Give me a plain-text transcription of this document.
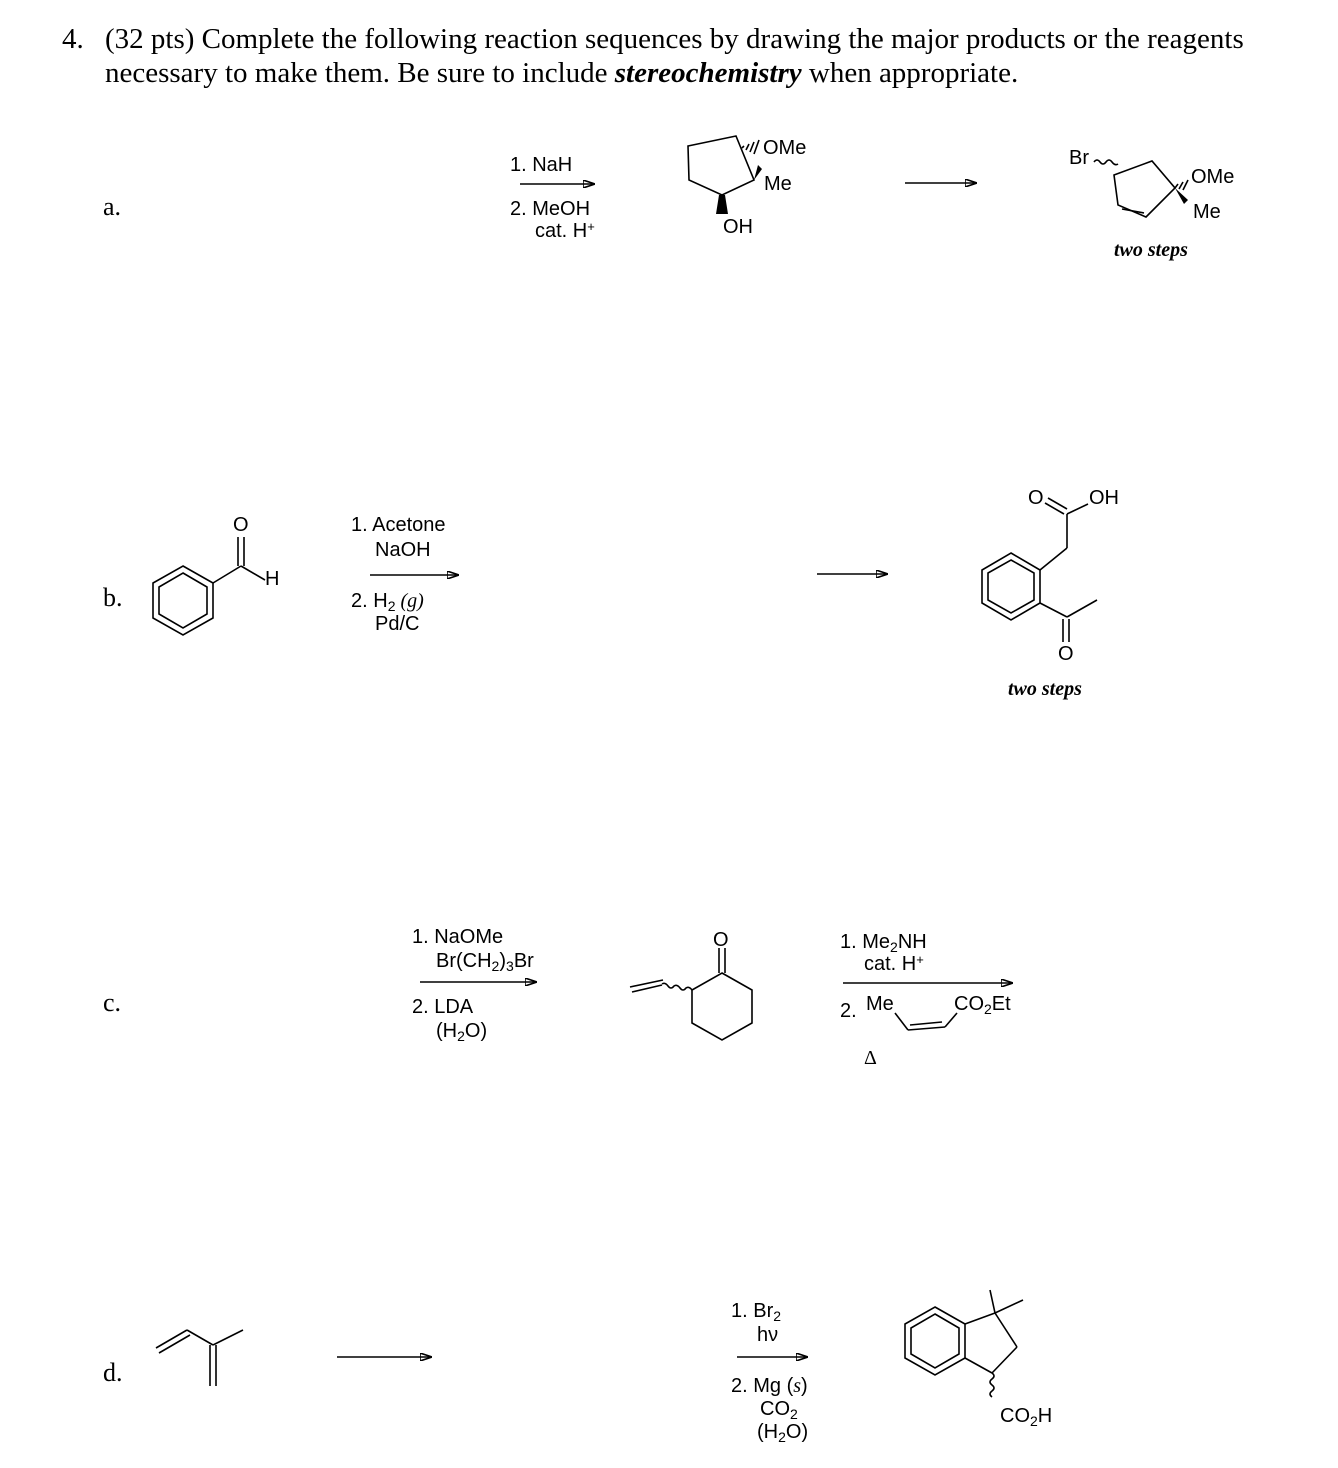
4. (32 pts) Complete the following reaction sequences by drawing the major products or the reagents necessary to make them. Be sure to include stereochemistry when appropriate.
a.
b.
c.
d.
1. NaH
2. MeOH
cat. H+
OMe
Me
OH
Br
OMe
Me
two steps
O
H
1. Acetone
NaOH
2. $H_2$ (g)
Pd/C
O OH
O
two steps
1. NaOMe
$Br(CH_2)_3Br$
2. LDA
$(H_2O)$
O	1. $Me_2NH$
cat. H+
2. Me	$CO_2Et$
Δ
1. $Br_2$
hν
2. Mg (s)
$CO_2$
$(H_2O)$
$CO_2H$
